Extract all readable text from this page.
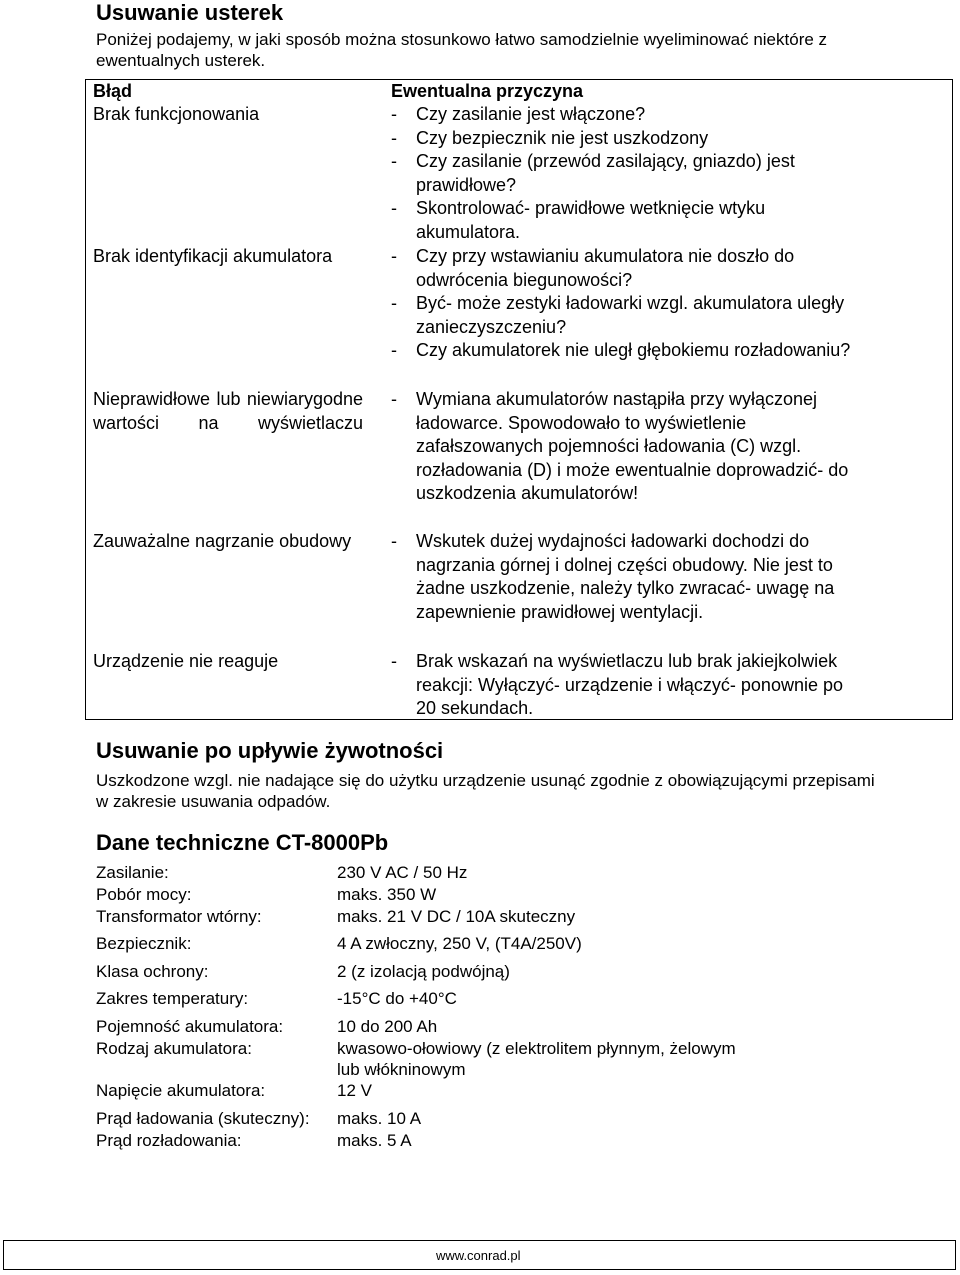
Usuwanie usterek
Poniżej podajemy, w jaki sposób można stosunkowo łatwo samodzielnie wyeliminować niektóre z
ewentualnych usterek.
Błąd	Ewentualna przyczyna
Brak funkcjonowania	-	Czy zasilanie jest włączone?
-	Czy bezpiecznik nie jest uszkodzony
-	Czy zasilanie (przewód zasilający, gniazdo) jest prawidłowe?
-	Skontrolować- prawidłowe wetknięcie wtyku akumulatora.
Brak identyfikacji akumulatora	-	Czy przy wstawianiu akumulatora nie doszło do odwrócenia biegunowości?
-	Być- może zestyki ładowarki wzgl. akumulatora uległy zanieczyszczeniu?
-	Czy akumulatorek nie uległ głębokiemu rozładowaniu?
Nieprawidłowe lub niewiarygodne wartości na wyświetlaczu
-	Wymiana akumulatorów nastąpiła przy wyłączonej ładowarce. Spowodowało to wyświetlenie zafałszowanych pojemności ładowania (C) wzgl. rozładowania (D) i może ewentualnie doprowadzić- do uszkodzenia akumulatorów!
Zauważalne nagrzanie obudowy	-	Wskutek dużej wydajności ładowarki dochodzi do nagrzania górnej i dolnej części obudowy. Nie jest to żadne uszkodzenie, należy tylko zwracać- uwagę na zapewnienie prawidłowej wentylacji.
Urządzenie nie reaguje	-	Brak wskazań na wyświetlaczu lub brak jakiejkolwiek reakcji: Wyłączyć- urządzenie i włączyć- ponownie po 20 sekundach.
Usuwanie po upływie żywotności
Uszkodzone wzgl. nie nadające się do użytku urządzenie usunąć zgodnie z obowiązującymi przepisami
w zakresie usuwania odpadów.
Dane techniczne CT-8000Pb
Zasilanie:	230 V AC / 50 Hz
Pobór mocy:	maks. 350 W
Transformator wtórny:	maks. 21 V DC / 10A skuteczny
Bezpiecznik:	4 A zwłoczny, 250 V, (T4A/250V)
Klasa ochrony:	2 (z izolacją podwójną)
Zakres temperatury:	-15°C do +40°C
Pojemność akumulatora:	10 do 200 Ah
Rodzaj akumulatora:	kwasowo-ołowiowy (z elektrolitem płynnym, żelowym
lub włókninowym
Napięcie akumulatora:	12 V
Prąd ładowania (skuteczny): maks. 10 A
Prąd rozładowania:	maks. 5 A
www.conrad.pl
